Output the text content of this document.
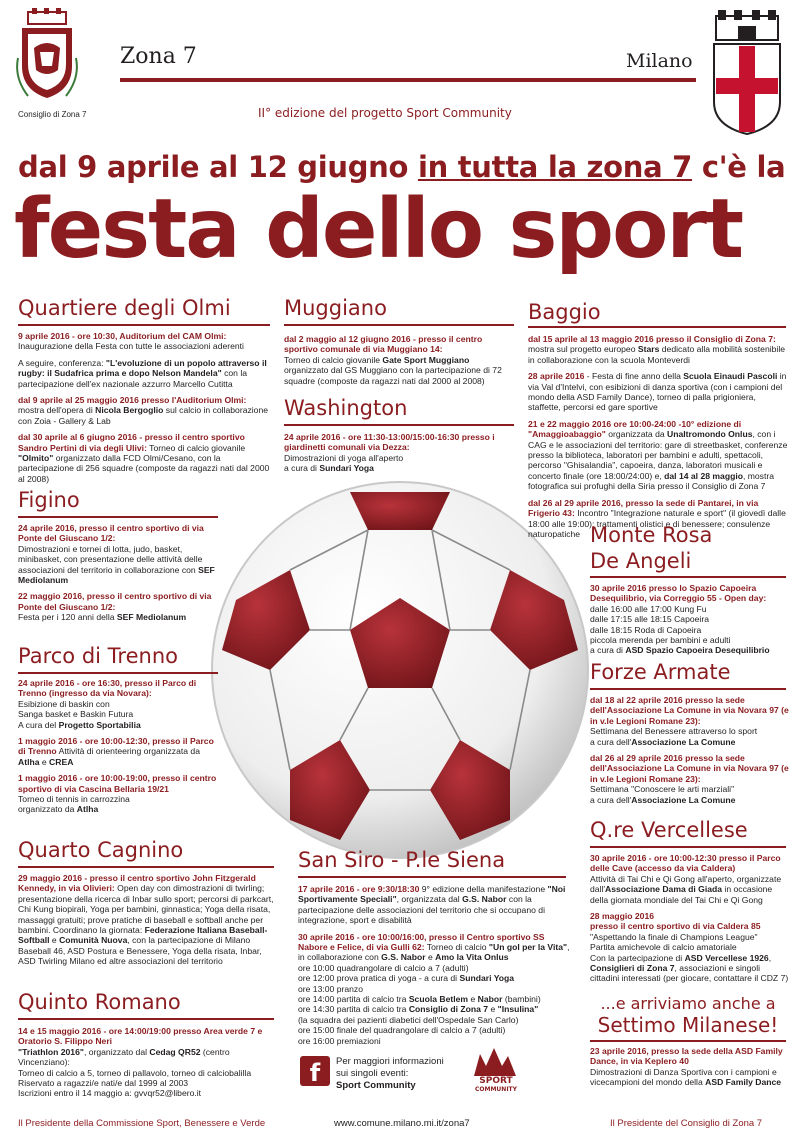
Consiglio di Zona 7
Zona 7	Milano
II° edizione del progetto Sport Community
dal 9 aprile al 12 giugno in tutta la zona 7 c'è la
festa dello sport
Quartiere degli Olmi

9 aprile 2016 - ore 10:30, Auditorium del CAM Olmi:
Inaugurazione della Festa con tutte le associazioni aderenti

A seguire, conferenza: "L'evoluzione di un popolo attraverso il rugby: il Sudafrica prima e dopo Nelson Mandela" con la partecipazione dell'ex nazionale azzurro Marcello Cutitta

dal 9 aprile al 25 maggio 2016 presso l'Auditorium Olmi:
mostra dell'opera di Nicola Bergoglio sul calcio in collaborazione con Zoia - Gallery & Lab

dal 30 aprile al 6 giugno 2016 - presso il centro sportivo Sandro Pertini di via degli Ulivi: Torneo di calcio giovanile "Olmito" organizzato dalla FCD Olmi/Cesano, con la partecipazione di 256 squadre (composte da ragazzi nati dal 2000 al 2008)

Muggiano

dal 2 maggio al 12 giugno 2016 - presso il centro sportivo comunale di via Muggiano 14:
Torneo di calcio giovanile Gate Sport Muggiano organizzato dal GS Muggiano con la partecipazione di 72 squadre (composte da ragazzi nati dal 2000 al 2008)

Washington

24 aprile 2016 - ore 11:30-13:00/15:00-16:30 presso i giardinetti comunali via Dezza:
Dimostrazioni di yoga all'aperto
a cura di Sundari Yoga

Baggio

dal 15 aprile al 13 maggio 2016 presso il Consiglio di Zona 7: mostra sul progetto europeo Stars dedicato alla mobilità sostenibile in collaborazione con la scuola Monteverdi

28 aprile 2016 - Festa di fine anno della Scuola Einaudi Pascoli in via Val d'Intelvi, con esibizioni di danza sportiva (con i campioni del mondo della ASD Family Dance), torneo di palla prigioniera, staffette, percorsi ed gare sportive

21 e 22 maggio 2016 ore 10:00-24:00 -10° edizione di "Amaggioabaggio" organizzata da Unaltromondo Onlus, con i CAG e le associazioni del territorio: gare di streetbasket, conferenze presso la biblioteca, laboratori per bambini e adulti, spettacoli, percorso "Ghisalandia", capoeira, danza, laboratori musicali e concerto finale (ore 18:00/24:00) e, dal 14 al 28 maggio, mostra fotografica sui profughi della Siria presso il Consiglio di Zona 7

dal 26 al 29 aprile 2016, presso la sede di Pantarei, in via Frigerio 43: Incontro "Integrazione naturale e sport" (il giovedì dalle 18:00 alle 19:00); trattamenti olistici e di benessere; consulenze naturopatiche

Figino

24 aprile 2016, presso il centro sportivo di via Ponte del Giuscano 1/2:
Dimostrazioni e tornei di lotta, judo, basket, minibasket, con presentazione delle attività delle associazioni del territorio in collaborazione con SEF Mediolanum

22 maggio 2016, presso il centro sportivo di via Ponte del Giuscano 1/2:
Festa per i 120 anni della SEF Mediolanum

Monte Rosa
De Angeli

30 aprile 2016 presso lo Spazio Capoeira Desequilibrio, via Correggio 55 - Open day:
dalle 16:00 alle 17:00 Kung Fu
dalle 17:15 alle 18:15 Capoeira
dalle 18:15 Roda di Capoeira
piccola merenda per bambini e adulti
a cura di ASD Spazio Capoeira Desequilibrio

Parco di Trenno

24 aprile 2016 - ore 16:30, presso il Parco di Trenno (ingresso da via Novara):
Esibizione di baskin con
Sanga basket e Baskin Futura
A cura del Progetto Sportabilia

1 maggio 2016 - ore 10:00-12:30, presso il Parco di Trenno Attività di orienteering organizzata da Atlha e CREA

1 maggio 2016 - ore 10:00-19:00, presso il centro sportivo di via Cascina Bellaria 19/21
Torneo di tennis in carrozzina
organizzato da Atlha

Forze Armate

dal 18 al 22 aprile 2016 presso la sede dell'Associazione La Comune in via Novara 97 (e in v.le Legioni Romane 23):
Settimana del Benessere attraverso lo sport
a cura dell'Associazione La Comune

dal 26 al 29 aprile 2016 presso la sede dell'Associazione La Comune in via Novara 97 (e in v.le Legioni Romane 23):
Settimana "Conoscere le arti marziali"
a cura dell'Associazione La Comune

Quarto Cagnino

29 maggio 2016 - presso il centro sportivo John Fitzgerald Kennedy, in via Olivieri: Open day con dimostrazioni di twirling; presentazione della ricerca di Inbar sullo sport; percorsi di parkcart, Chi Kung biopirali, Yoga per bambini, ginnastica; Yoga della risata, massaggi gratuiti; prove pratiche di baseball e softball anche per bambini. Coordinano la giornata: Federazione Italiana Baseball-Softball e Comunità Nuova, con la partecipazione di Milano Baseball 46, ASD Postura e Benessere, Yoga della risata, Inbar, ASD Twirling Milano ed altre associazioni del territorio

San Siro - P.le Siena

17 aprile 2016 - ore 9:30/18:30 9° edizione della manifestazione "Noi Sportivamente Speciali", organizzata dal G.S. Nabor con la partecipazione delle associazioni del territorio che si occupano di integrazione, sport e disabilità

30 aprile 2016 - ore 10:00/16:00, presso il Centro sportivo SS Nabore e Felice, di via Gulli 62: Torneo di calcio "Un gol per la Vita", in collaborazione con G.S. Nabor e Amo la Vita Onlus

ore 10:00 quadrangolare di calcio a 7 (adulti)
ore 12:00 prova pratica di yoga - a cura di Sundari Yoga
ore 13:00 pranzo
ore 14:00 partita di calcio tra Scuola Betlem e Nabor (bambini)
ore 14:30 partita di calcio tra Consiglio di Zona 7 e "Insulina"
(la squadra dei pazienti diabetici dell'Ospedale San Carlo)
ore 15:00 finale del quadrangolare di calcio a 7 (adulti)
ore 16:00 premiazioni
Q.re Vercellese

30 aprile 2016 - ore 10:00-12:30 presso il Parco delle Cave (accesso da via Caldera)
Attività di Tai Chi e Qi Gong all'aperto, organizzate dall'Associazione Dama di Giada in occasione della giornata mondiale del Tai Chi e Qi Gong

28 maggio 2016
presso il centro sportivo di via Caldera 85
"Aspettando la finale di Champions League"
Partita amichevole di calcio amatoriale
Con la partecipazione di ASD Vercellese 1926, Consiglieri di Zona 7, associazioni e singoli cittadini interessati (per giocare, contattare il CDZ 7)

Quinto Romano

14 e 15 maggio 2016 - ore 14:00/19:00 presso Area verde 7 e Oratorio S. Filippo Neri
"Triathlon 2016", organizzato dal Cedag QR52 (centro Vincenziano):
Torneo di calcio a 5, torneo di pallavolo, torneo di calciobalilla
Riservato a ragazzi/e nati/e dal 1999 al 2003
Iscrizioni entro il 14 maggio a: gvvqr52@libero.it

f	Per maggiori informazioni
sui singoli eventi:
Sport Community	SPORT
COMMUNITY
...e arriviamo anche a
Settimo Milanese!

23 aprile 2016, presso la sede della ASD Family Dance, in via Keplero 40
Dimostrazioni di Danza Sportiva con i campioni e vicecampioni del mondo della ASD Family Dance

Il Presidente della Commissione Sport, Benessere e Verde	www.comune.milano.mi.it/zona7	Il Presidente del Consiglio di Zona 7
